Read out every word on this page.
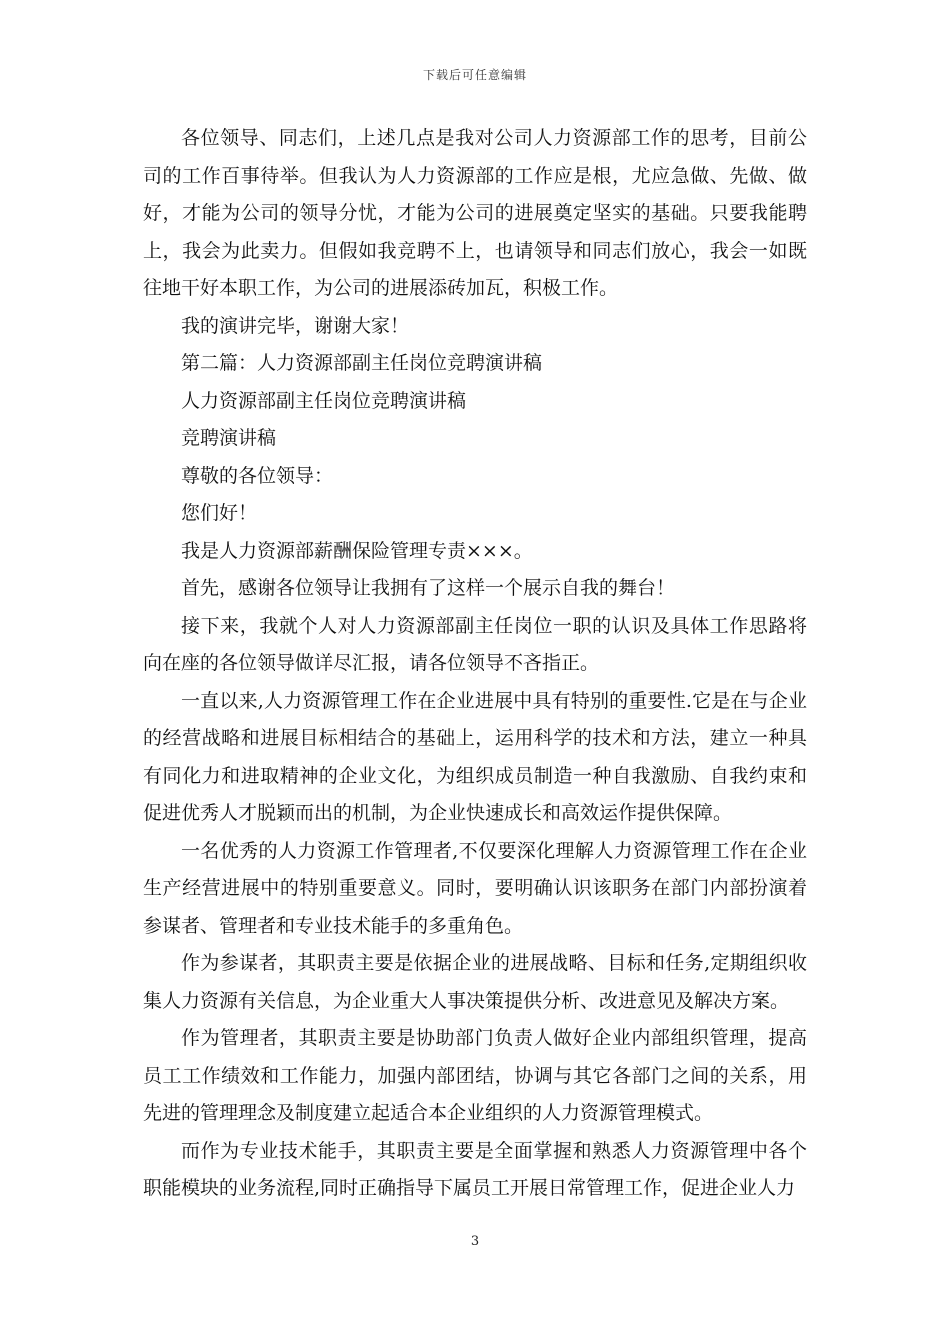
下载后可任意编辑

各位领导、同志们，上述几点是我对公司人力资源部工作的思考，目前公司的工作百事待举。但我认为人力资源部的工作应是根，尤应急做、先做、做好，才能为公司的领导分忧，才能为公司的进展奠定坚实的基础。只要我能聘上，我会为此卖力。但假如我竞聘不上，也请领导和同志们放心，我会一如既往地干好本职工作，为公司的进展添砖加瓦，积极工作。

我的演讲完毕，谢谢大家！

第二篇：人力资源部副主任岗位竞聘演讲稿

人力资源部副主任岗位竞聘演讲稿

竞聘演讲稿

尊敬的各位领导：

您们好！

我是人力资源部薪酬保险管理专责×××。

首先，感谢各位领导让我拥有了这样一个展示自我的舞台！

接下来，我就个人对人力资源部副主任岗位一职的认识及具体工作思路将向在座的各位领导做详尽汇报，请各位领导不吝指正。

一直以来,人力资源管理工作在企业进展中具有特别的重要性.它是在与企业的经营战略和进展目标相结合的基础上，运用科学的技术和方法，建立一种具有同化力和进取精神的企业文化，为组织成员制造一种自我激励、自我约束和促进优秀人才脱颖而出的机制，为企业快速成长和高效运作提供保障。

一名优秀的人力资源工作管理者,不仅要深化理解人力资源管理工作在企业生产经营进展中的特别重要意义。同时，要明确认识该职务在部门内部扮演着参谋者、管理者和专业技术能手的多重角色。

作为参谋者，其职责主要是依据企业的进展战略、目标和任务,定期组织收集人力资源有关信息，为企业重大人事决策提供分析、改进意见及解决方案。

作为管理者，其职责主要是协助部门负责人做好企业内部组织管理，提高员工工作绩效和工作能力，加强内部团结，协调与其它各部门之间的关系，用先进的管理理念及制度建立起适合本企业组织的人力资源管理模式。

而作为专业技术能手，其职责主要是全面掌握和熟悉人力资源管理中各个职能模块的业务流程,同时正确指导下属员工开展日常管理工作，促进企业人力

3
